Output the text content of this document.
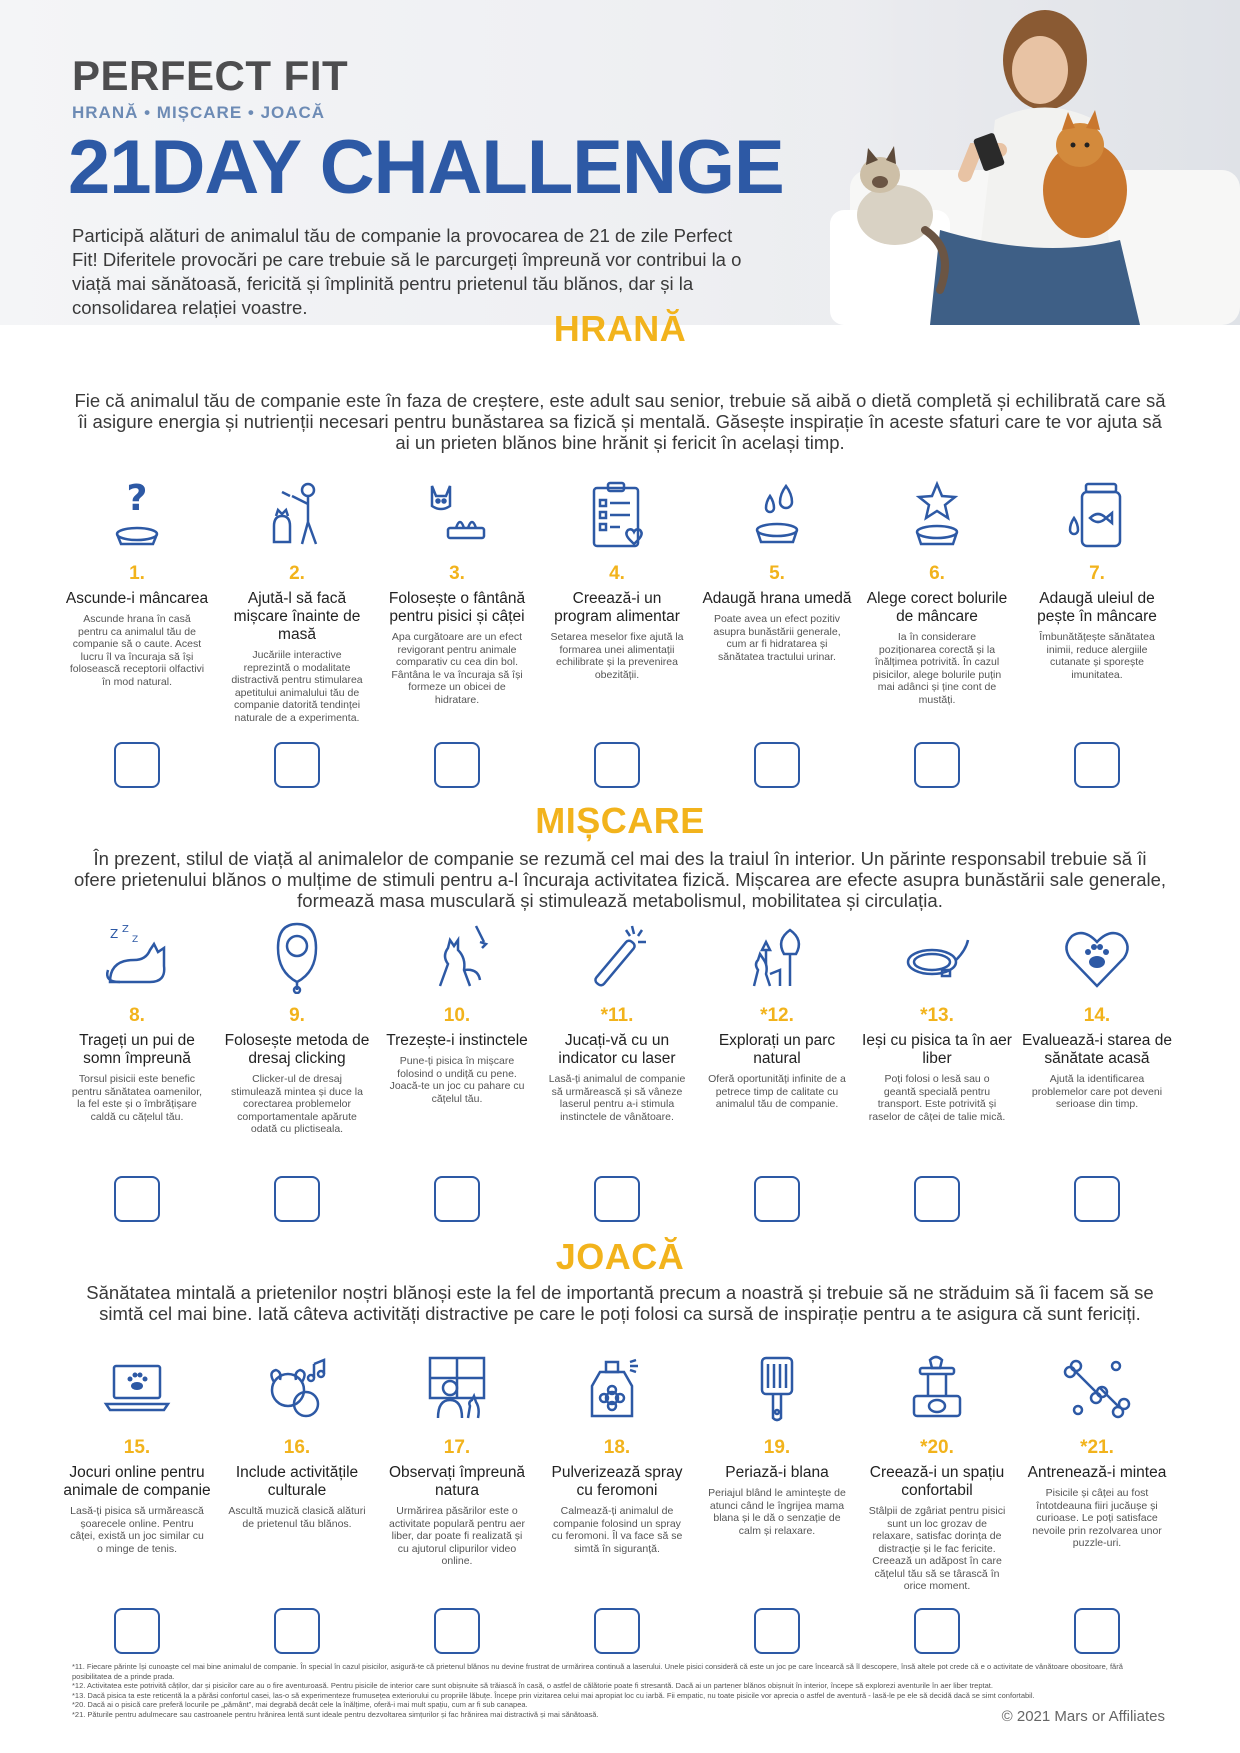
PERFECT FIT
HRANĂ • MIȘCARE • JOACĂ
21DAY CHALLENGE
Participă alături de animalul tău de companie la provocarea de 21 de zile Perfect Fit! Diferitele provocări pe care trebuie să le parcurgeți împreună vor contribui la o viață mai sănătoasă, fericită și împlinită pentru prietenul tău blănos, dar și la consolidarea relației voastre.
HRANĂ
Fie că animalul tău de companie este în faza de creștere, este adult sau senior, trebuie să aibă o dietă completă și echilibrată care să îi asigure energia și nutrienții necesari pentru bunăstarea sa fizică și mentală. Găsește inspirație în aceste sfaturi care te vor ajuta să ai un prieten blănos bine hrănit și fericit în același timp.
?
1.
Ascunde-i mâncarea
Ascunde hrana în casă pentru ca animalul tău de companie să o caute. Acest lucru îl va încuraja să își folosească receptorii olfactivi în mod natural.
2.
Ajută-l să facă mișcare înainte de masă
Jucăriile interactive reprezintă o modalitate distractivă pentru stimularea apetitului animalului tău de companie datorită tendinței naturale de a experimenta.
3.
Folosește o fântână pentru pisici și câței
Apa curgătoare are un efect revigorant pentru animale comparativ cu cea din bol. Fântâna le va încuraja să își formeze un obicei de hidratare.
4.
Creează-i un program alimentar
Setarea meselor fixe ajută la formarea unei alimentații echilibrate și la prevenirea obezității.
5.
Adaugă hrana umedă
Poate avea un efect pozitiv asupra bunăstării generale, cum ar fi hidratarea și sănătatea tractului urinar.
6.
Alege corect bolurile de mâncare
Ia în considerare poziționarea corectă și la înălțimea potrivită. În cazul pisicilor, alege bolurile puțin mai adânci și ține cont de mustăți.
7.
Adaugă uleiul de pește în mâncare
Îmbunătățește sănătatea inimii, reduce alergiile cutanate și sporește imunitatea.
MIȘCARE
În prezent, stilul de viață al animalelor de companie se rezumă cel mai des la traiul în interior. Un părinte responsabil trebuie să îi ofere prietenului blănos o mulțime de stimuli pentru a-l încuraja activitatea fizică. Mișcarea are efecte asupra bunăstării sale generale, formează masa musculară și stimulează metabolismul, mobilitatea și circulația.
Z Z
Z
8.
Trageți un pui de somn împreună
Torsul pisicii este benefic pentru sănătatea oamenilor, la fel este și o îmbrățișare caldă cu cățelul tău.
9.
Folosește metoda de dresaj clicking
Clicker-ul de dresaj stimulează mintea și duce la corectarea problemelor comportamentale apărute odată cu plictiseala.
10.
Trezește-i instinctele
Pune-ți pisica în mișcare folosind o undiță cu pene. Joacă-te un joc cu pahare cu cățelul tău.
*11.
Jucați-vă cu un indicator cu laser
Lasă-ți animalul de companie să urmărească și să vâneze laserul pentru a-i stimula instinctele de vânătoare.
*12.
Explorați un parc natural
Oferă oportunități infinite de a petrece timp de calitate cu animalul tău de companie.
*13.
Ieși cu pisica ta în aer liber
Poți folosi o lesă sau o geantă specială pentru transport. Este potrivită și raselor de câței de talie mică.
14.
Evaluează-i starea de sănătate acasă
Ajută la identificarea problemelor care pot deveni serioase din timp.
JOACĂ
Sănătatea mintală a prietenilor noștri blănoși este la fel de importantă precum a noastră și trebuie să ne străduim să îi facem să se simtă cel mai bine. Iată câteva activități distractive pe care le poți folosi ca sursă de inspirație pentru a te asigura că sunt fericiți.
15.
Jocuri online pentru animale de companie
Lasă-ți pisica să urmărească șoarecele online. Pentru câței, există un joc similar cu o minge de tenis.
16.
Include activitățile culturale
Ascultă muzică clasică alături de prietenul tău blănos.
17.
Observați împreună natura
Urmărirea păsărilor este o activitate populară pentru aer liber, dar poate fi realizată și cu ajutorul clipurilor video online.
18.
Pulverizează spray cu feromoni
Calmează-ți animalul de companie folosind un spray cu feromoni. Îl va face să se simtă în siguranță.
19.
Periază-i blana
Periajul blând le amintește de atunci când le îngrijea mama blana și le dă o senzație de calm și relaxare.
*20.
Creează-i un spațiu confortabil
Stâlpii de zgâriat pentru pisici sunt un loc grozav de relaxare, satisfac dorința de distracție și le fac fericite. Creează un adăpost în care cățelul tău să se târască în orice moment.
*21.
Antrenează-i mintea
Pisicile și câței au fost întotdeauna fiiri jucăușe și curioase. Le poți satisface nevoile prin rezolvarea unor puzzle-uri.
*11. Fiecare părinte își cunoaște cel mai bine animalul de companie. În special în cazul pisicilor, asigură-te că prietenul blănos nu devine frustrat de urmărirea continuă a laserului. Unele pisici consideră că este un joc pe care încearcă să îl descopere, însă altele pot crede că e o activitate de vânătoare obositoare, fără posibilitatea de a prinde prada.
*12. Activitatea este potrivită câților, dar și pisicilor care au o fire aventuroasă. Pentru pisicile de interior care sunt obișnuite să trăiască în casă, o astfel de călătorie poate fi stresantă. Dacă ai un partener blănos obișnuit în interior, începe să explorezi aventurile în aer liber treptat.
*13. Dacă pisica ta este reticentă la a părăsi confortul casei, las-o să experimenteze frumusețea exteriorului cu propriile lăbuțe. Începe prin vizitarea celui mai apropiat loc cu iarbă. Fii empatic, nu toate pisicile vor aprecia o astfel de aventură - lasă-le pe ele să decidă dacă se simt confortabil.
*20. Dacă ai o pisică care preferă locurile pe „pământ”, mai degrabă decât cele la înălțime, oferă-i mai mult spațiu, cum ar fi sub canapea.
*21. Păturile pentru adulmecare sau castroanele pentru hrănirea lentă sunt ideale pentru dezvoltarea simțurilor și fac hrănirea mai distractivă și mai sănătoasă.	© 2021 Mars or Affiliates
